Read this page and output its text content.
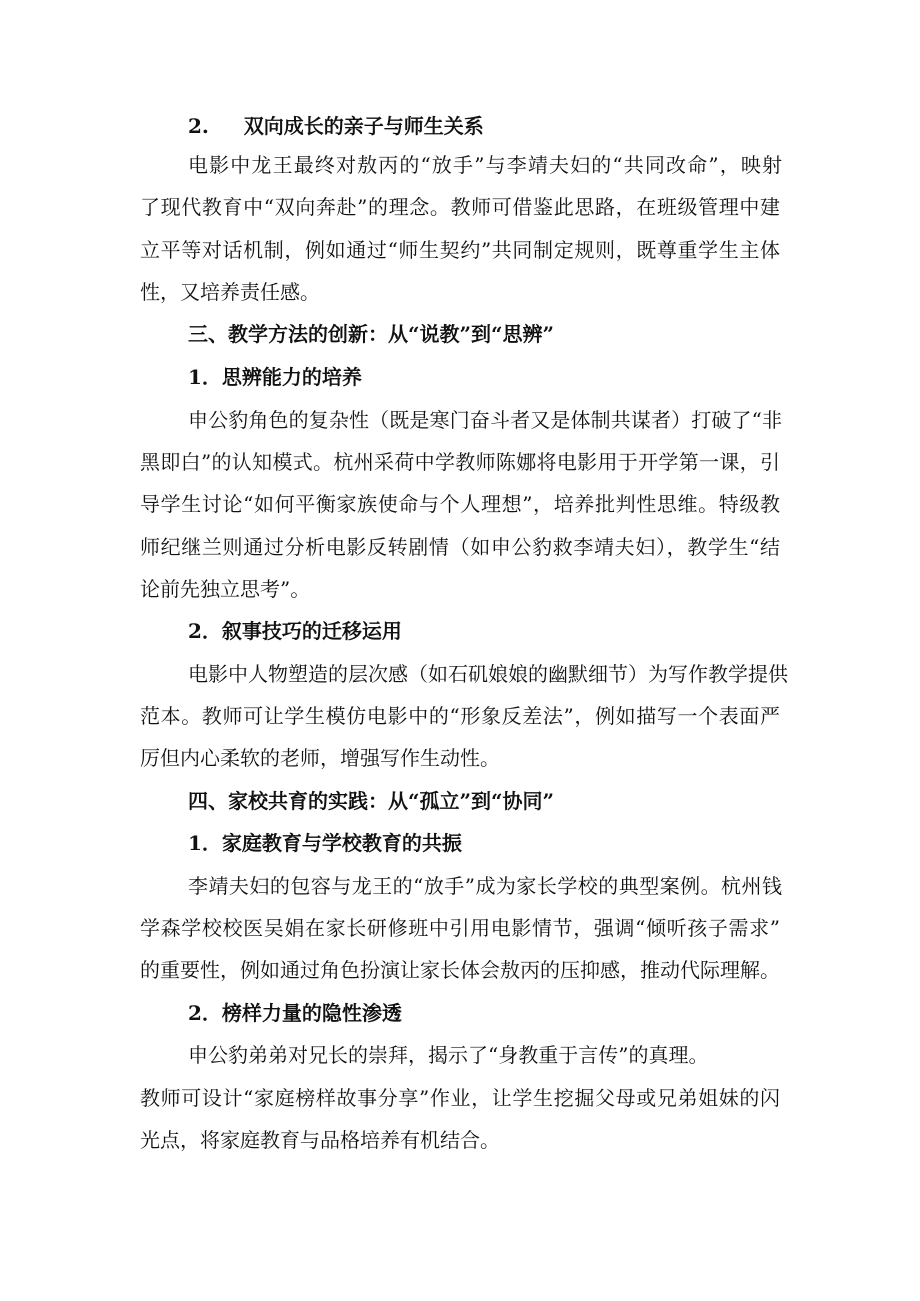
2.     双向成长的亲子与师生关系
电影中龙王最终对敖丙的“放手”与李靖夫妇的“共同改命”，映射
了现代教育中“双向奔赴”的理念。教师可借鉴此思路，在班级管理中建
立平等对话机制，例如通过“师生契约”共同制定规则，既尊重学生主体
性，又培养责任感。
三、教学方法的创新：从“说教”到“思辨”
1．思辨能力的培养
申公豹角色的复杂性（既是寒门奋斗者又是体制共谋者）打破了“非
黑即白”的认知模式。杭州采荷中学教师陈娜将电影用于开学第一课，引
导学生讨论“如何平衡家族使命与个人理想”，培养批判性思维。特级教
师纪继兰则通过分析电影反转剧情（如申公豹救李靖夫妇），教学生“结
论前先独立思考”。
2．叙事技巧的迁移运用
电影中人物塑造的层次感（如石矶娘娘的幽默细节）为写作教学提供
范本。教师可让学生模仿电影中的“形象反差法”，例如描写一个表面严
厉但内心柔软的老师，增强写作生动性。
四、家校共育的实践：从“孤立”到“协同”
1．家庭教育与学校教育的共振
李靖夫妇的包容与龙王的“放手”成为家长学校的典型案例。杭州钱
学森学校校医吴娟在家长研修班中引用电影情节，强调“倾听孩子需求”
的重要性，例如通过角色扮演让家长体会敖丙的压抑感，推动代际理解。
2．榜样力量的隐性渗透
申公豹弟弟对兄长的崇拜，揭示了“身教重于言传”的真理。
教师可设计“家庭榜样故事分享”作业，让学生挖掘父母或兄弟姐妹的闪
光点，将家庭教育与品格培养有机结合。
